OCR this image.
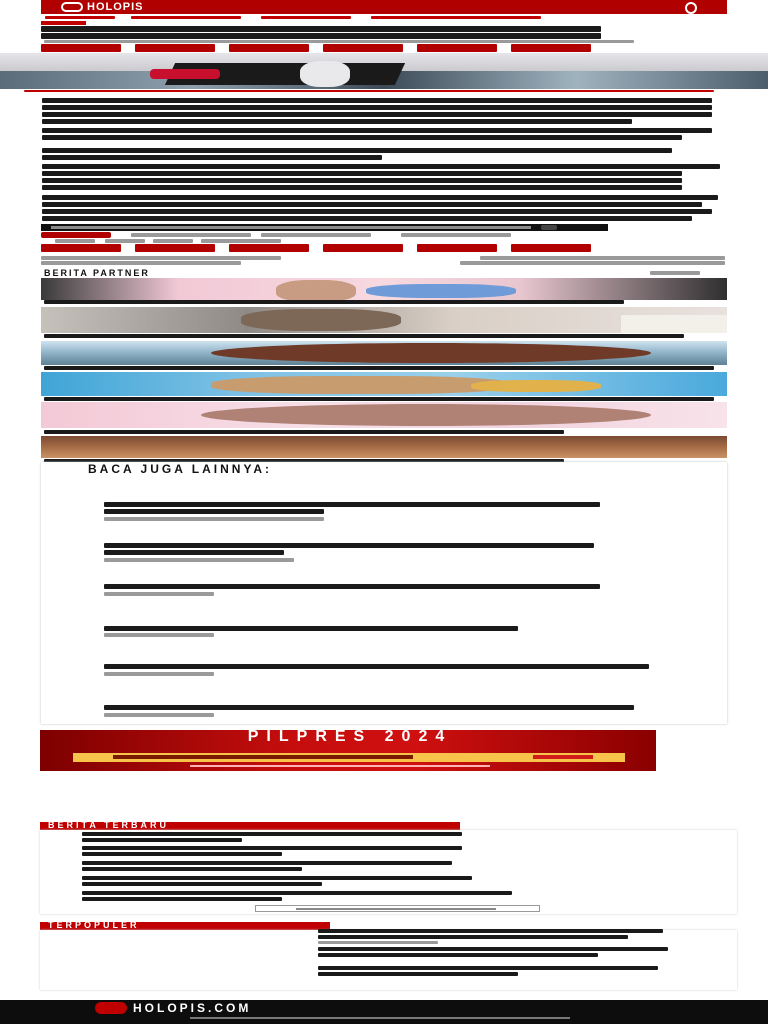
HOLOPIS
BERITA PARTNER
BACA JUGA LAINNYA:
PILPRES 2024
BERITA TERBARU
TERPOPULER
HOLOPIS.COM
